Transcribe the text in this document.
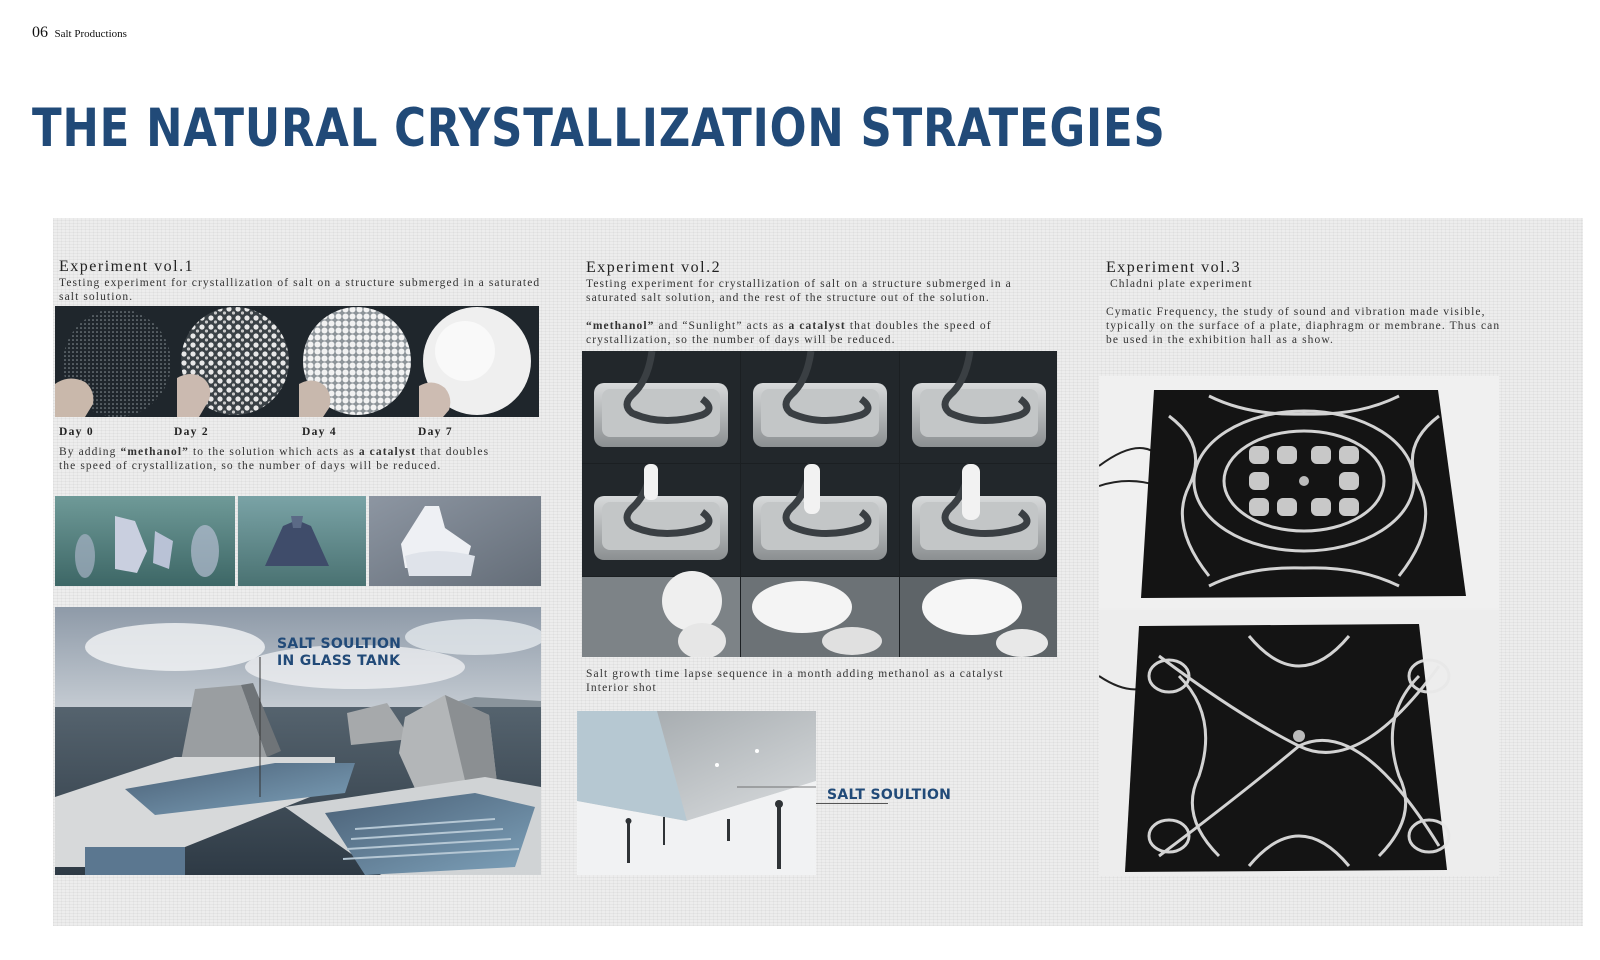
06 Salt Productions
THE NATURAL CRYSTALLIZATION STRATEGIES
Experiment vol.1
Testing experiment for crystallization of salt on a structure submerged in a saturated salt solution.
Day 0	Day 2	Day 4	Day 7
By adding “methanol” to the solution which acts as a catalyst that doubles the speed of crystallization, so the number of days will be reduced.
SALT SOULTION
IN GLASS TANK
Experiment vol.2
Testing experiment for crystallization of salt on a structure submerged in a saturated salt solution, and the rest of the structure out of the solution.
“methanol” and “Sunlight” acts as a catalyst that doubles the speed of crystallization, so the number of days will be reduced.
Salt growth time lapse sequence in a month adding methanol as a catalyst
Interior shot
SALT SOULTION
Experiment vol.3
Chladni plate experiment
Cymatic Frequency, the study of sound and vibration made visible, typically on the surface of a plate, diaphragm or membrane. Thus can be used in the exhibition hall as a show.
